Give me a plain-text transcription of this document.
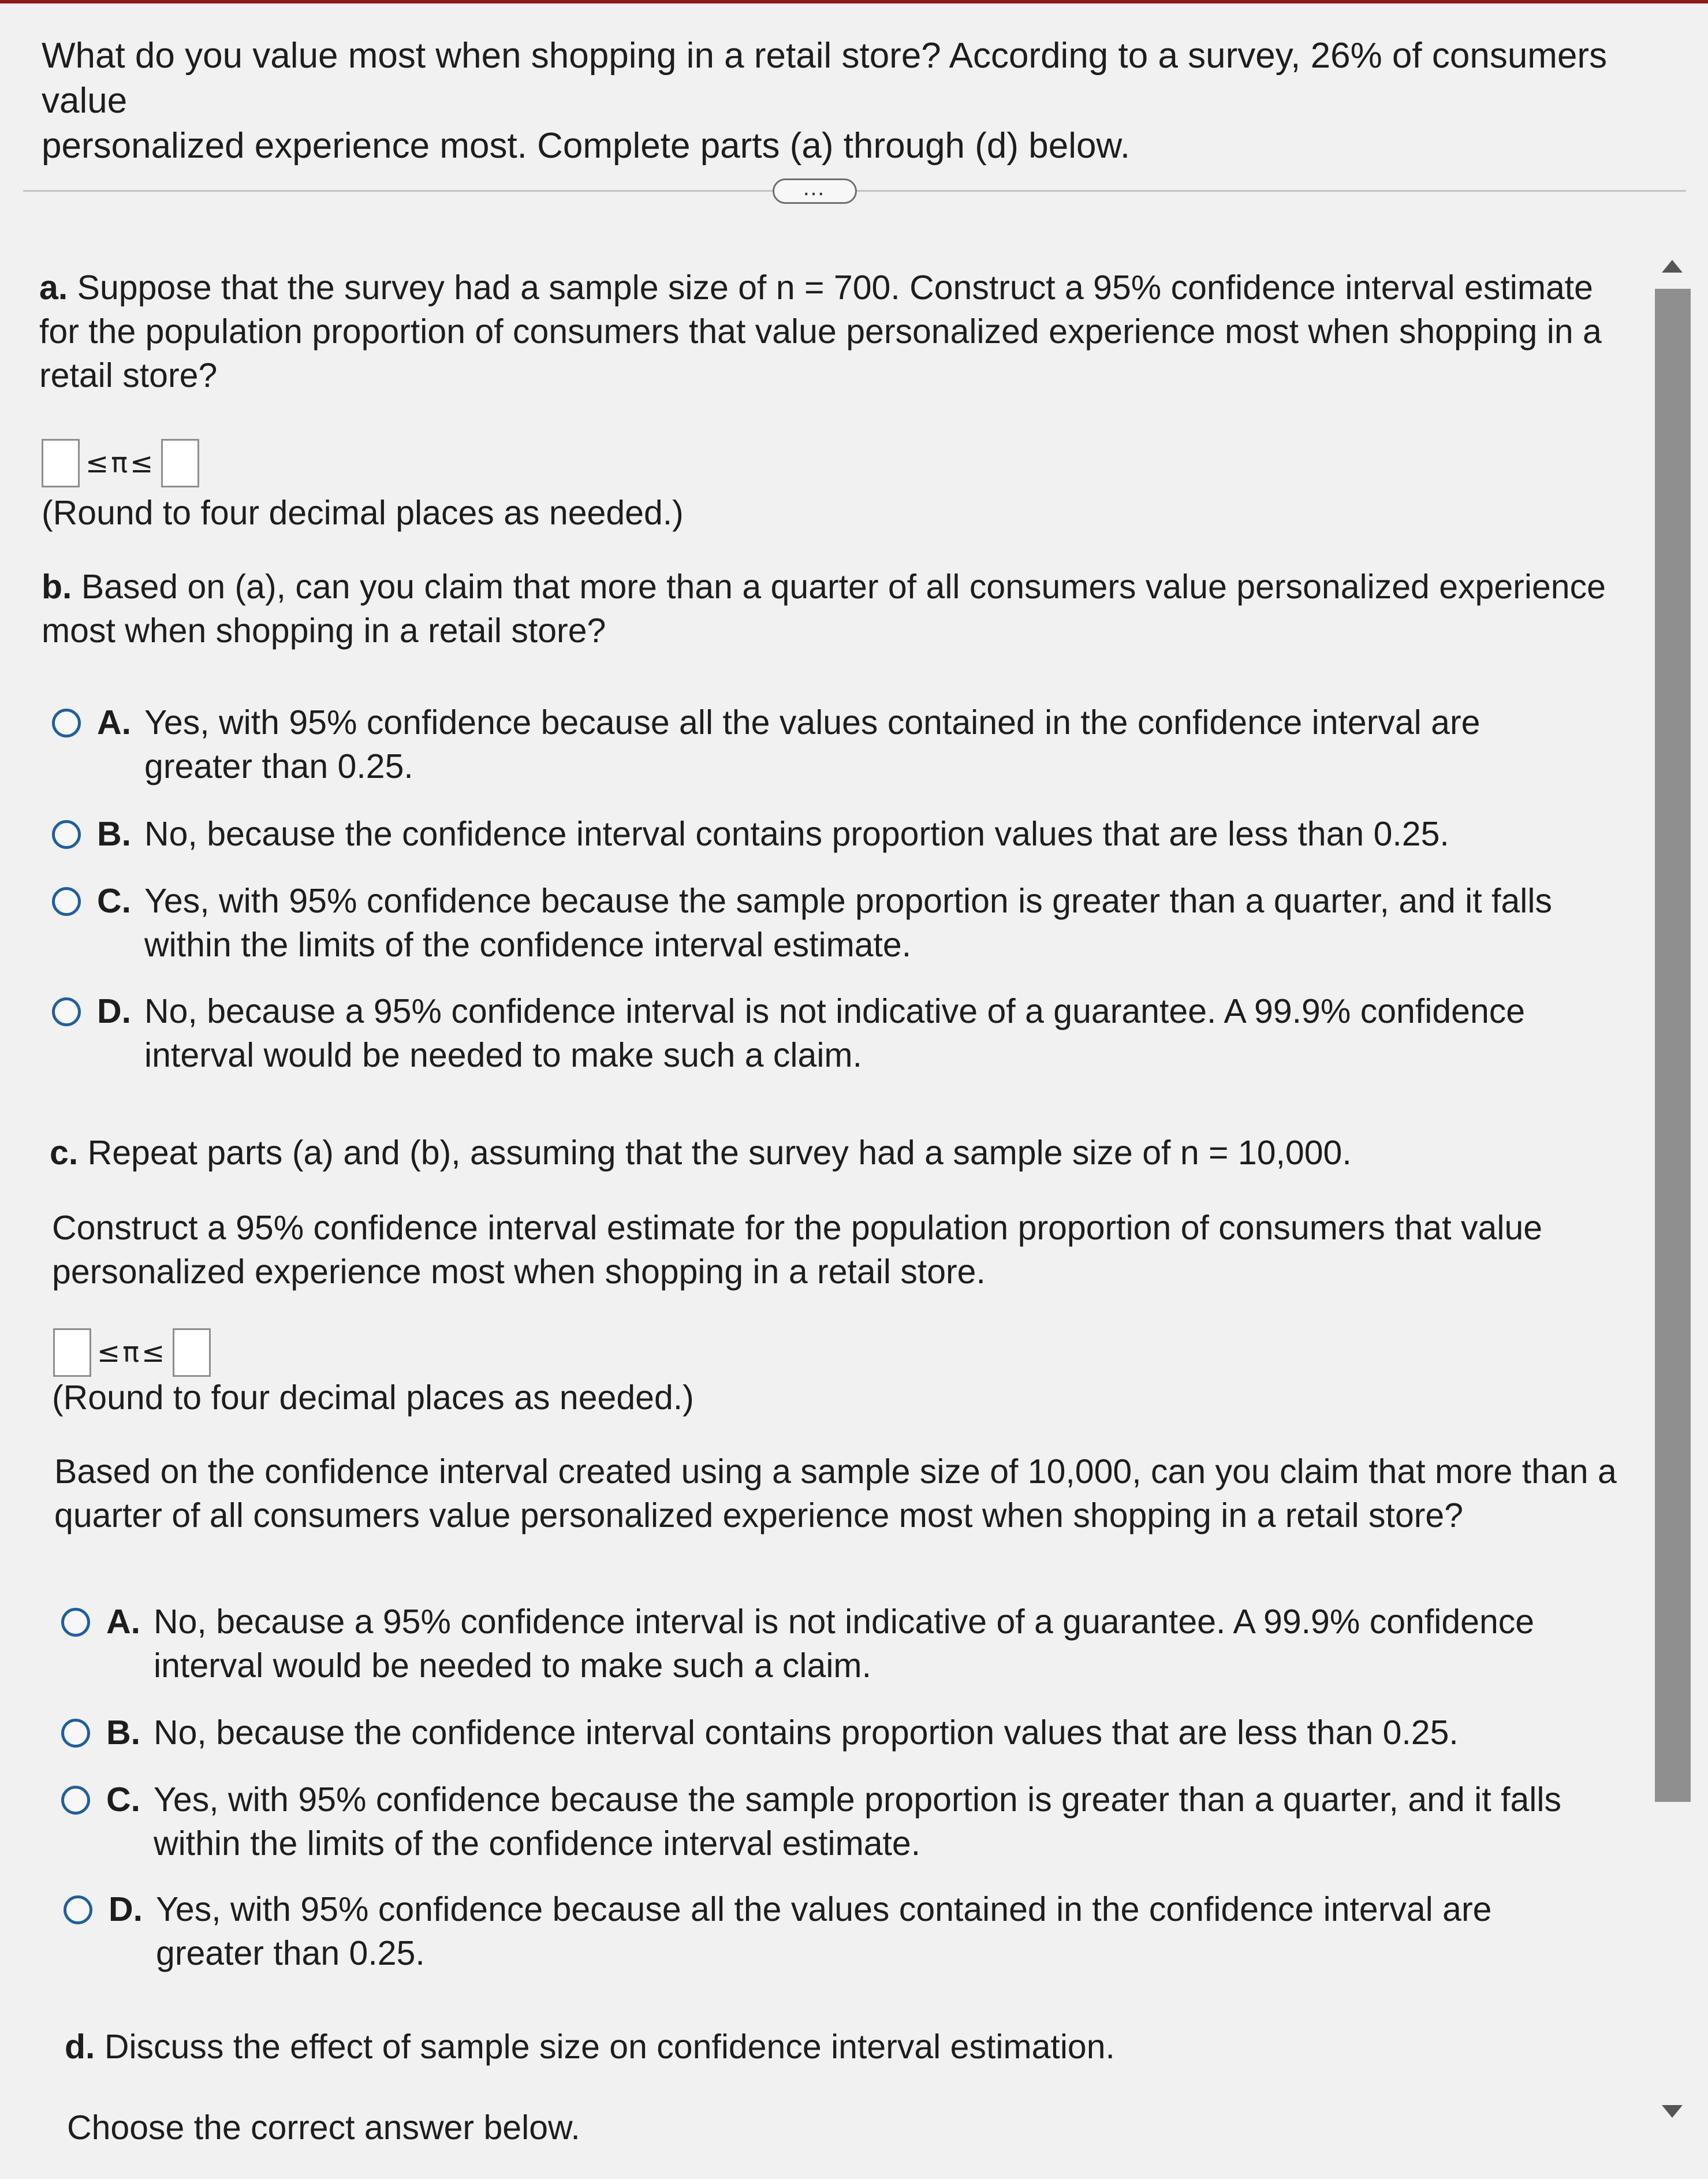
What do you value most when shopping in a retail store? According to a survey, 26% of consumers value
personalized experience most. Complete parts (a) through (d) below.
…
a. Suppose that the survey had a sample size of n = 700. Construct a 95% confidence interval estimate
for the population proportion of consumers that value personalized experience most when shopping in a
retail store?
≤π≤
(Round to four decimal places as needed.)
b. Based on (a), can you claim that more than a quarter of all consumers value personalized experience
most when shopping in a retail store?
A. Yes, with 95% confidence because all the values contained in the confidence interval are
greater than 0.25.
B. No, because the confidence interval contains proportion values that are less than 0.25.
C. Yes, with 95% confidence because the sample proportion is greater than a quarter, and it falls
within the limits of the confidence interval estimate.
D. No, because a 95% confidence interval is not indicative of a guarantee. A 99.9% confidence
interval would be needed to make such a claim.
c. Repeat parts (a) and (b), assuming that the survey had a sample size of n = 10,000.
Construct a 95% confidence interval estimate for the population proportion of consumers that value
personalized experience most when shopping in a retail store.
≤π≤
(Round to four decimal places as needed.)
Based on the confidence interval created using a sample size of 10,000, can you claim that more than a
quarter of all consumers value personalized experience most when shopping in a retail store?
A. No, because a 95% confidence interval is not indicative of a guarantee. A 99.9% confidence
interval would be needed to make such a claim.
B. No, because the confidence interval contains proportion values that are less than 0.25.
C. Yes, with 95% confidence because the sample proportion is greater than a quarter, and it falls
within the limits of the confidence interval estimate.
D. Yes, with 95% confidence because all the values contained in the confidence interval are
greater than 0.25.
d. Discuss the effect of sample size on confidence interval estimation.
Choose the correct answer below.
